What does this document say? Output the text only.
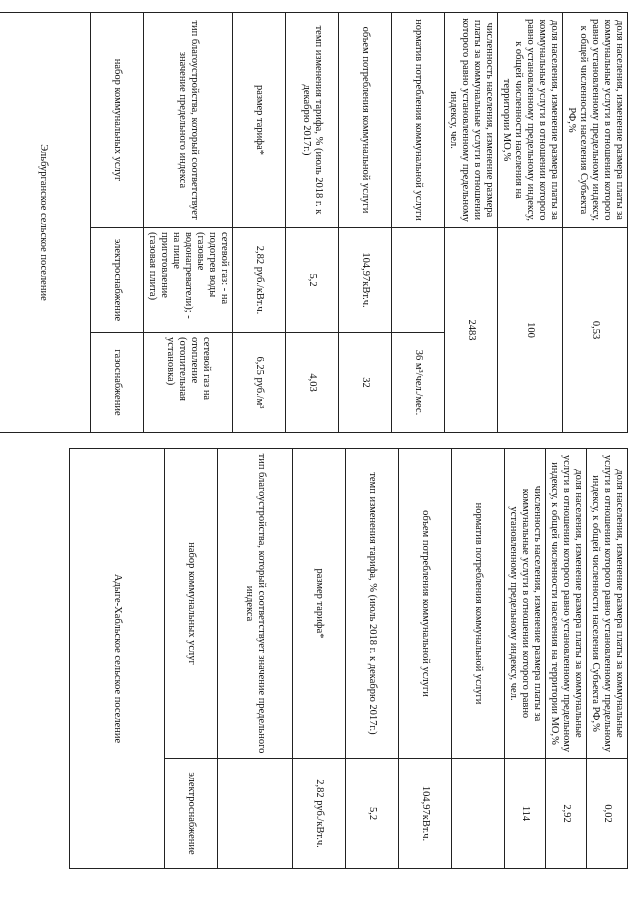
доля населения, изменение размера платы за коммунальные услуги в отношении которого равно установленному предельному индексу, к общей численности населения Субъекта РФ,%	0,53	
доля населения, изменение размера платы за коммунальные услуги в отношении которого равно установленному предельному индексу, к общей численности населения на территории МО,%	100	
численность населения, изменение размера платы за коммунальные услуги в отношении которого равно установленному предельному индексу, чел.	2483	
норматив потребления коммунальной услуги		36 м³/чел./мес.
объем потребления коммунальной услуги	104,97кВт.ч.	32
темп изменения тарифа, % (июль 2018 г. к декабрю 2017г.)	5,2	4,03
размер тарифа*	2,82 руб./кВт.ч.	6,25 руб./м³
тип благоустройства, который соответствует значение предельного индекса	сетевой газ: - на подогрев воды (газовые водонагреватели); - на пище приготовление (газовая плита)	сетевой газ на отопление (отопительная установка)
набор коммунальных услуг	электроснабжение	газоснабжение
Эльбурганское сельское поселение		

доля населения, изменение размера платы за коммунальные услуги в отношении которого равно установленному предельному индексу, к общей численности населения Субъекта РФ,%	0,02
доля населения, изменение размера платы за коммунальные услуги в отношении которого равно установленному предельному индексу, к общей численности населения на территории МО,%	2,92
численность населения, изменение размера платы за коммунальные услуги в отношении которого равно установленному предельному индексу, чел.	114
норматив потребления коммунальной услуги	
объем потребления коммунальной услуги	104,97кВт.ч.
темп изменения тарифа, % (июль 2018 г. к декабрю 2017г.)	5,2
размер тарифа*	2,82 руб./кВт.ч.
тип благоустройства, который соответствует значение предельного индекса	
набор коммунальных услуг	электроснабжение
Адыге-Хабльское сельское поселение	
